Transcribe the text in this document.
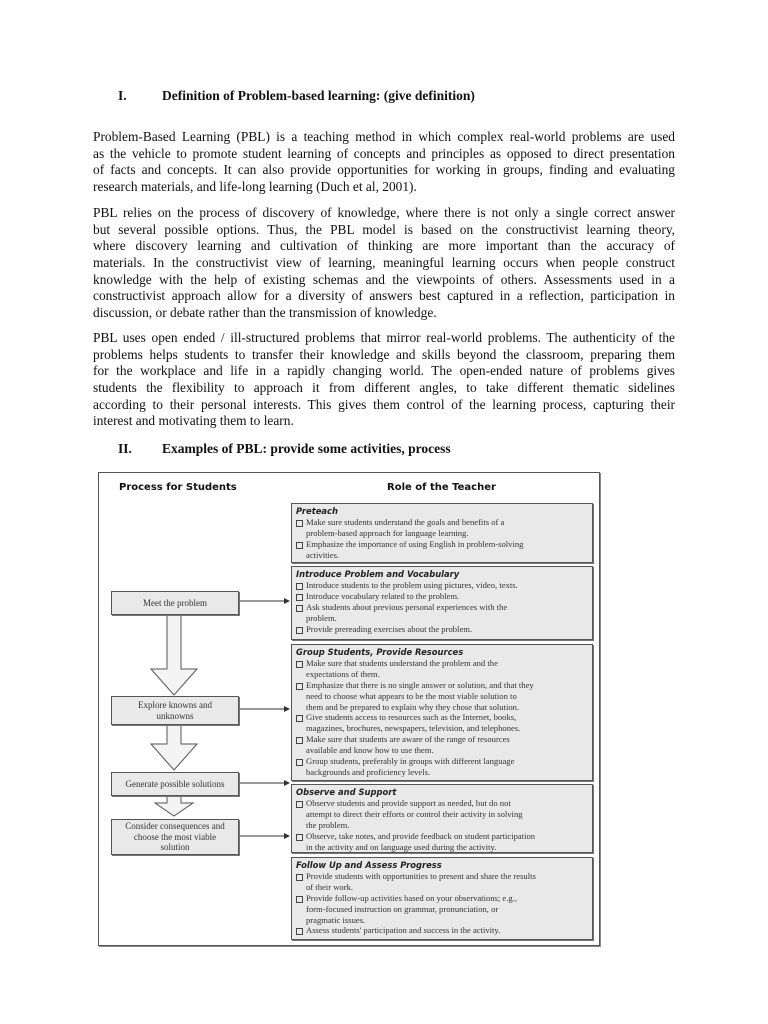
I.	Definition of Problem-based learning: (give definition)
Problem-Based Learning (PBL) is a teaching method in which complex real-world problems are used
as the vehicle to promote student learning of concepts and principles as opposed to direct presentation
of facts and concepts. It can also provide opportunities for working in groups, finding and evaluating
research materials, and life-long learning (Duch et al, 2001).
PBL relies on the process of discovery of knowledge, where there is not only a single correct answer
but several possible options. Thus, the PBL model is based on the constructivist learning theory,
where discovery learning and cultivation of thinking are more important than the accuracy of
materials. In the constructivist view of learning, meaningful learning occurs when people construct
knowledge with the help of existing schemas and the viewpoints of others. Assessments used in a
constructivist approach allow for a diversity of answers best captured in a reflection, participation in
discussion, or debate rather than the transmission of knowledge.
PBL uses open ended / ill-structured problems that mirror real-world problems. The authenticity of the
problems helps students to transfer their knowledge and skills beyond the classroom, preparing them
for the workplace and life in a rapidly changing world. The open-ended nature of problems gives
students the flexibility to approach it from different angles, to take different thematic sidelines
according to their personal interests. This gives them control of the learning process, capturing their
interest and motivating them to learn.
II. Examples of PBL: provide some activities, process
Process for Students	Role of the Teacher
Meet the problem
Explore knowns and
unknowns
Generate possible solutions
Consider consequences and
choose the most viable
solution
Preteach
Make sure students understand the goals and benefits of a
problem-based approach for language learning.
Emphasize the importance of using English in problem-solving
activities.
Introduce Problem and Vocabulary
Introduce students to the problem using pictures, video, texts.
Introduce vocabulary related to the problem.
Ask students about previous personal experiences with the
problem.
Provide prereading exercises about the problem.
Group Students, Provide Resources
Make sure that students understand the problem and the
expectations of them.
Emphasize that there is no single answer or solution, and that they
need to choose what appears to be the most viable solution to
them and be prepared to explain why they chose that solution.
Give students access to resources such as the Internet, books,
magazines, brochures, newspapers, television, and telephones.
Make sure that students are aware of the range of resources
available and know how to use them.
Group students, preferably in groups with different language
backgrounds and proficiency levels.
Observe and Support
Observe students and provide support as needed, but do not
attempt to direct their efforts or control their activity in solving
the problem.
Observe, take notes, and provide feedback on student participation
in the activity and on language used during the activity.
Follow Up and Assess Progress
Provide students with opportunities to present and share the results
of their work.
Provide follow-up activities based on your observations; e.g.,
form-focused instruction on grammar, pronunciation, or
pragmatic issues.
Assess students' participation and success in the activity.
